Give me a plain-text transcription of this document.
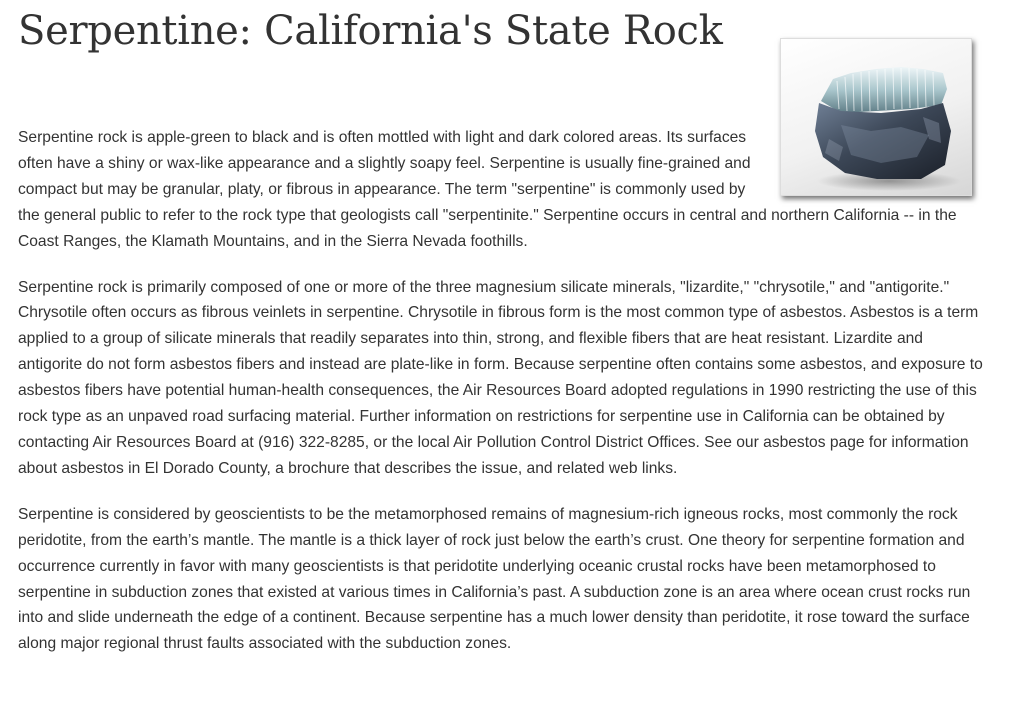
Serpentine: California's State Rock

Serpentine rock is apple-green to black and is often mottled with light and dark colored areas. Its surfaces often have a shiny or wax-like appearance and a slightly soapy feel. Serpentine is usually fine-grained and compact but may be granular, platy, or fibrous in appearance. The term "serpentine" is commonly used by the general public to refer to the rock type that geologists call "serpentinite." Serpentine occurs in central and northern California -- in the Coast Ranges, the Klamath Mountains, and in the Sierra Nevada foothills.

Serpentine rock is primarily composed of one or more of the three magnesium silicate minerals, "lizardite," "chrysotile," and "antigorite." Chrysotile often occurs as fibrous veinlets in serpentine. Chrysotile in fibrous form is the most common type of asbestos. Asbestos is a term applied to a group of silicate minerals that readily separates into thin, strong, and flexible fibers that are heat resistant. Lizardite and antigorite do not form asbestos fibers and instead are plate-like in form. Because serpentine often contains some asbestos, and exposure to asbestos fibers have potential human-health consequences, the Air Resources Board adopted regulations in 1990 restricting the use of this rock type as an unpaved road surfacing material. Further information on restrictions for serpentine use in California can be obtained by contacting Air Resources Board at (916) 322-8285, or the local Air Pollution Control District Offices. See our asbestos page for information about asbestos in El Dorado County, a brochure that describes the issue, and related web links.

Serpentine is considered by geoscientists to be the metamorphosed remains of magnesium-rich igneous rocks, most commonly the rock peridotite, from the earth’s mantle. The mantle is a thick layer of rock just below the earth’s crust. One theory for serpentine formation and occurrence currently in favor with many geoscientists is that peridotite underlying oceanic crustal rocks have been metamorphosed to serpentine in subduction zones that existed at various times in California’s past. A subduction zone is an area where ocean crust rocks run into and slide underneath the edge of a continent. Because serpentine has a much lower density than peridotite, it rose toward the surface along major regional thrust faults associated with the subduction zones.
